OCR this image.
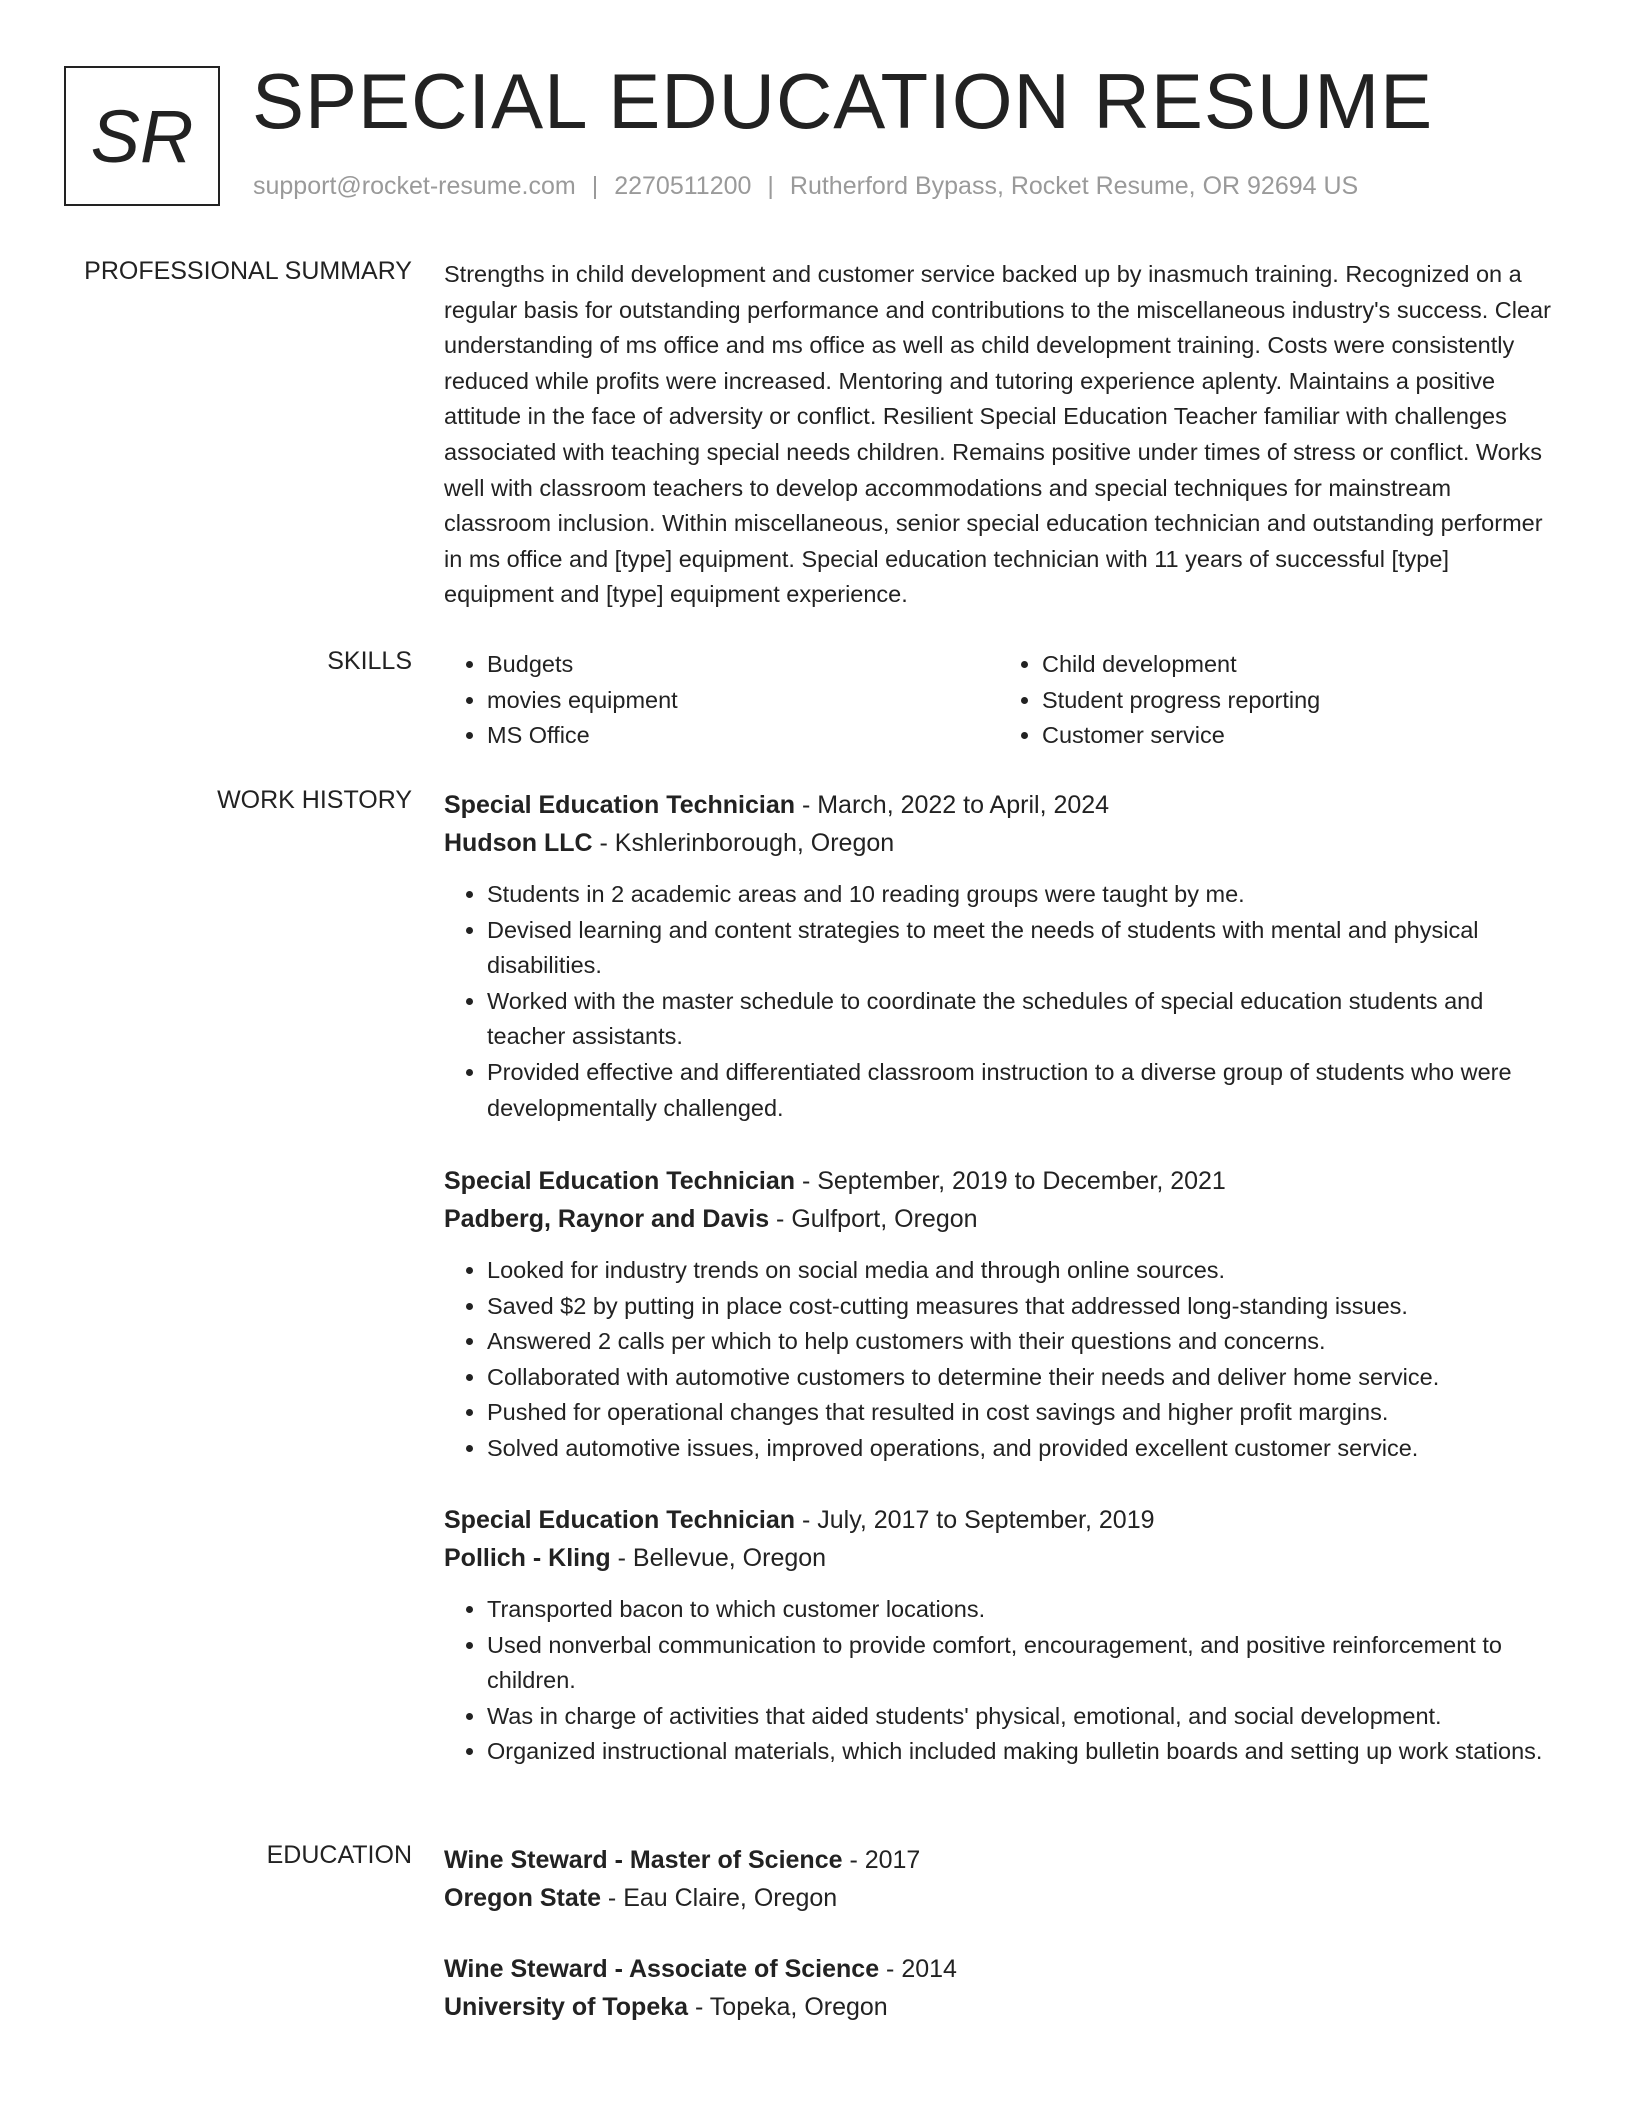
SR SPECIAL EDUCATION RESUME
support@rocket-resume.com | 2270511200 | Rutherford Bypass, Rocket Resume, OR 92694 US
PROFESSIONAL SUMMARY Strengths in child development and customer service backed up by inasmuch training. Recognized on a regular basis for outstanding performance and contributions to the miscellaneous industry's success. Clear understanding of ms office and ms office as well as child development training. Costs were consistently reduced while profits were increased. Mentoring and tutoring experience aplenty. Maintains a positive attitude in the face of adversity or conflict. Resilient Special Education Teacher familiar with challenges associated with teaching special needs children. Remains positive under times of stress or conflict. Works well with classroom teachers to develop accommodations and special techniques for mainstream classroom inclusion. Within miscellaneous, senior special education technician and outstanding performer in ms office and [type] equipment. Special education technician with 11 years of successful [type] equipment and [type] equipment experience.

SKILLS
•	Budgets
• movies equipment
• MS Office
• Child development
• Student progress reporting
• Customer service
WORK HISTORY Special Education Technician - March, 2022 to April, 2024
Hudson LLC - Kshlerinborough, Oregon
• Students in 2 academic areas and 10 reading groups were taught by me.
• Devised learning and content strategies to meet the needs of students with mental and physical disabilities.
• Worked with the master schedule to coordinate the schedules of special education students and teacher assistants.
• Provided effective and differentiated classroom instruction to a diverse group of students who were developmentally challenged.
Special Education Technician - September, 2019 to December, 2021
Padberg, Raynor and Davis - Gulfport, Oregon
• Looked for industry trends on social media and through online sources.
• Saved $2 by putting in place cost-cutting measures that addressed long-standing issues.
• Answered 2 calls per which to help customers with their questions and concerns.
• Collaborated with automotive customers to determine their needs and deliver home service.
• Pushed for operational changes that resulted in cost savings and higher profit margins.
• Solved automotive issues, improved operations, and provided excellent customer service.
Special Education Technician - July, 2017 to September, 2019
Pollich - Kling - Bellevue, Oregon
• Transported bacon to which customer locations.
• Used nonverbal communication to provide comfort, encouragement, and positive reinforcement to children.
• Was in charge of activities that aided students' physical, emotional, and social development.
• Organized instructional materials, which included making bulletin boards and setting up work stations.
EDUCATION Wine Steward - Master of Science - 2017
Oregon State - Eau Claire, Oregon
Wine Steward - Associate of Science - 2014
University of Topeka - Topeka, Oregon
